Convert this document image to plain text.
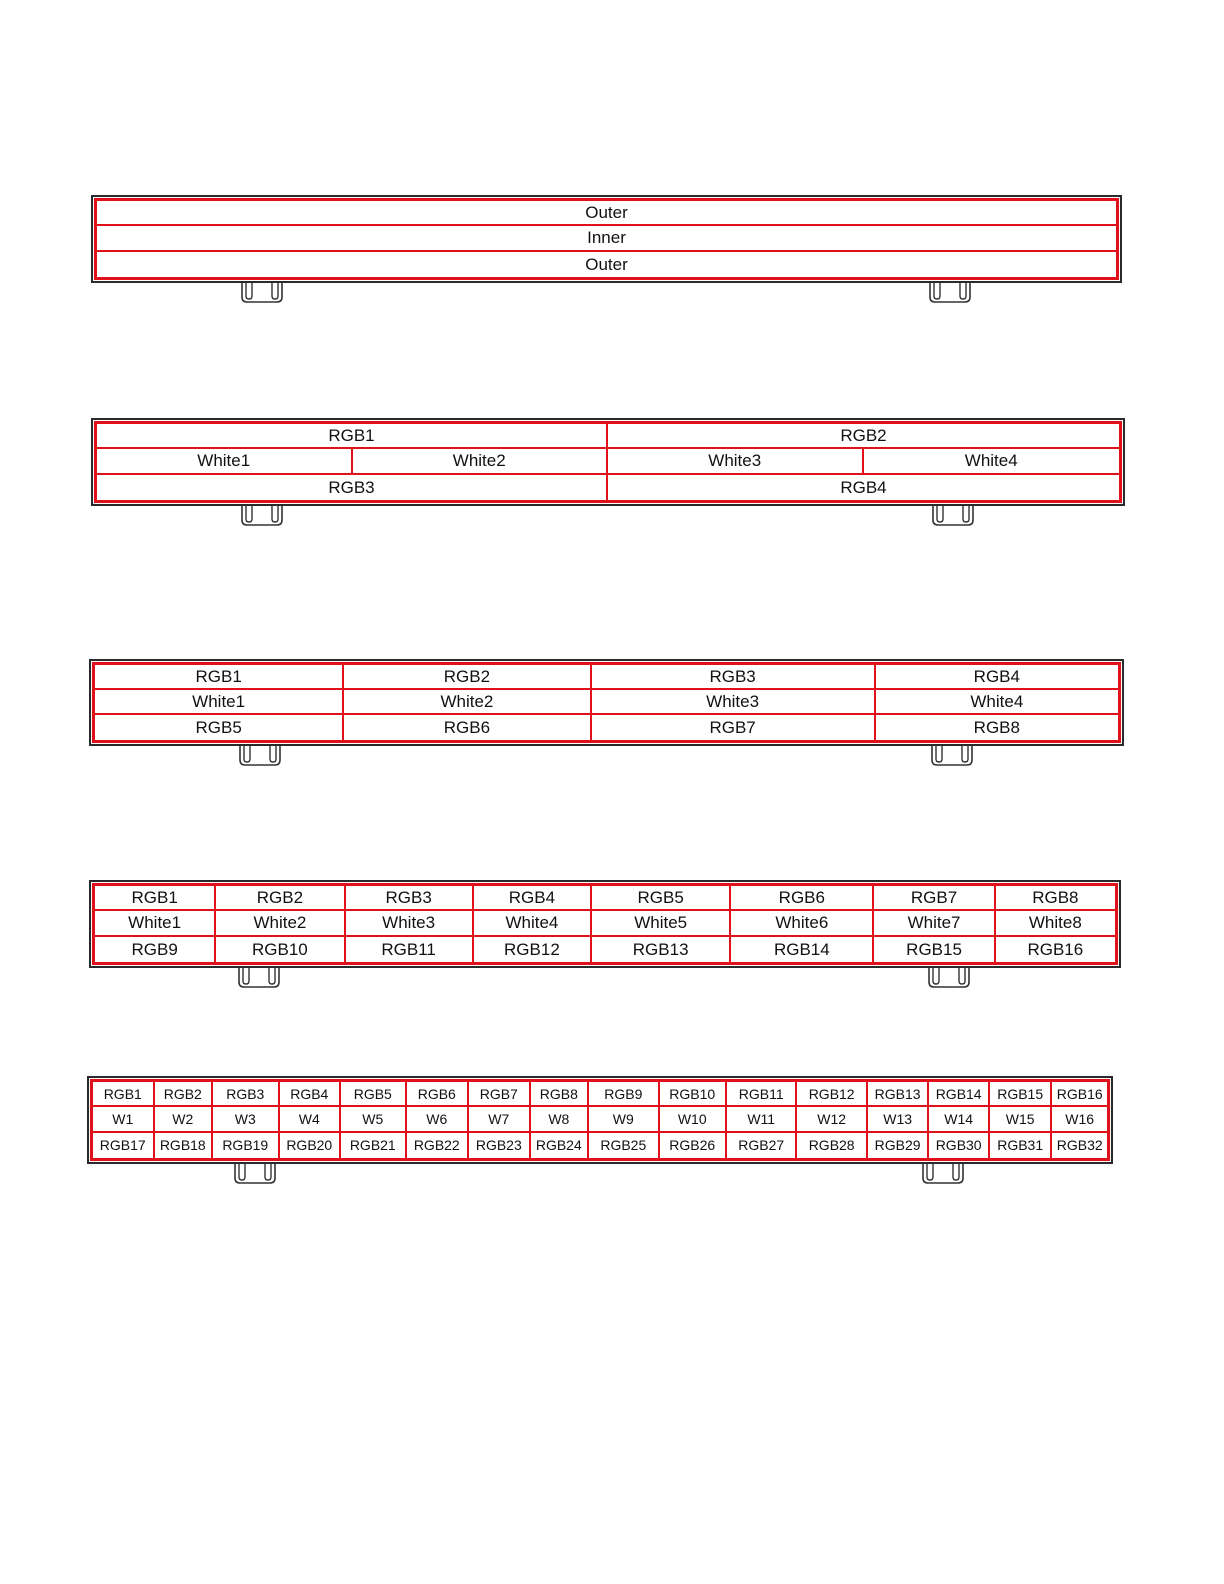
Outer
Inner
Outer
RGB1	RGB2
White1	White2	White3	White4
RGB3	RGB4
RGB1	RGB2	RGB3	RGB4
White1	White2	White3	White4
RGB5	RGB6	RGB7	RGB8
RGB1	RGB2	RGB3	RGB4	RGB5	RGB6	RGB7	RGB8
White1	White2	White3	White4	White5	White6	White7	White8
RGB9	RGB10	RGB11	RGB12	RGB13	RGB14	RGB15	RGB16
RGB1	RGB2	RGB3	RGB4	RGB5	RGB6	RGB7	RGB8	RGB9	RGB10	RGB11	RGB12	RGB13	RGB14	RGB15 RGB16
W1	W2	W3	W4	W5	W6	W7	W8	W9	W10	W11	W12	W13	W14	W15	W16
RGB17	RGB18	RGB19	RGB20	RGB21	RGB22	RGB23	RGB24	RGB25	RGB26	RGB27	RGB28	RGB29	RGB30	RGB31 RGB32
